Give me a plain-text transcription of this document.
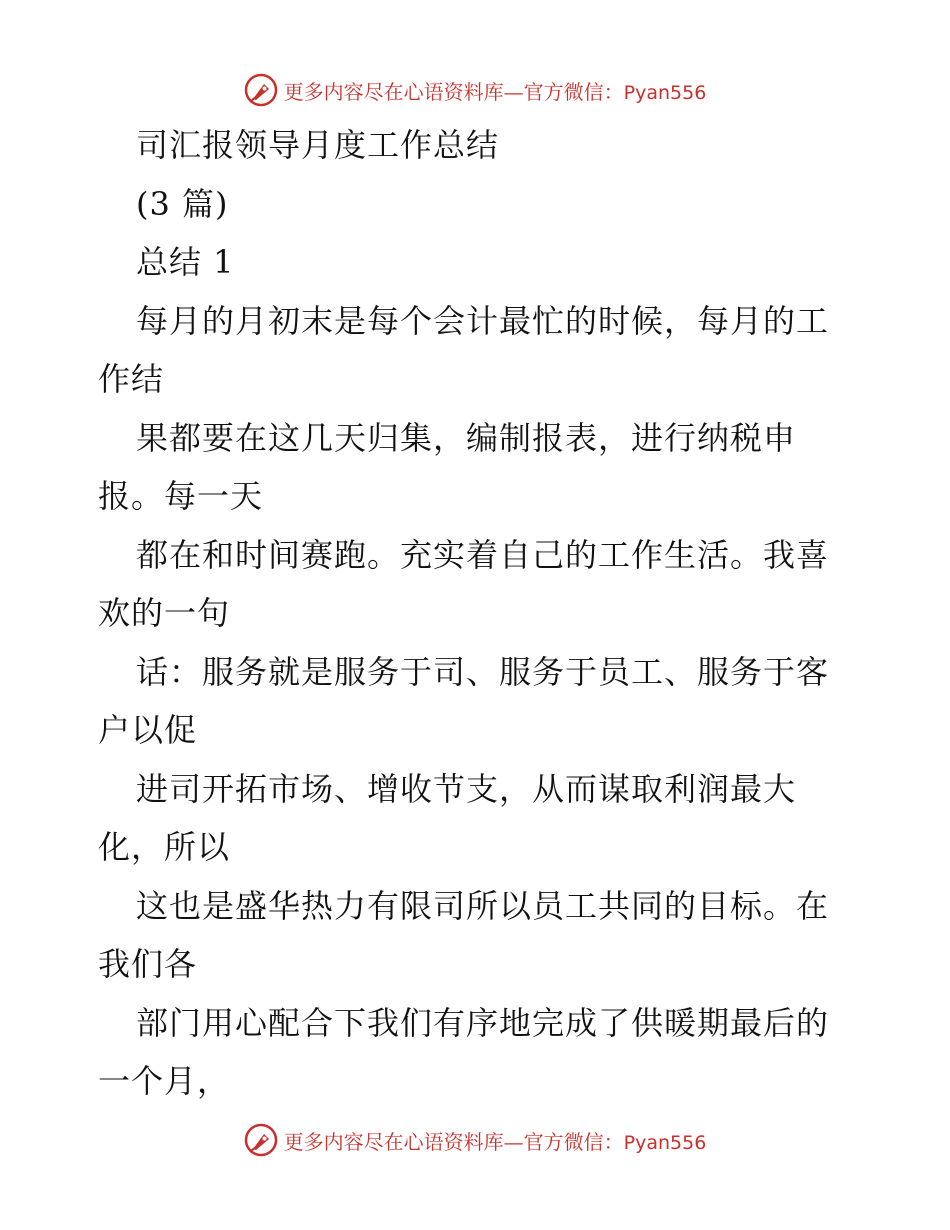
更多内容尽在心语资料库—官方微信：Pyan556
司汇报领导月度工作总结
(3 篇)
总结 1
每月的月初末是每个会计最忙的时候，每月的工
作结
果都要在这几天归集，编制报表，进行纳税申
报。每一天
都在和时间赛跑。充实着自己的工作生活。我喜
欢的一句
话：服务就是服务于司、服务于员工、服务于客
户以促
进司开拓市场、增收节支，从而谋取利润最大
化，所以
这也是盛华热力有限司所以员工共同的目标。在
我们各
部门用心配合下我们有序地完成了供暖期最后的
一个月，
更多内容尽在心语资料库—官方微信：Pyan556
